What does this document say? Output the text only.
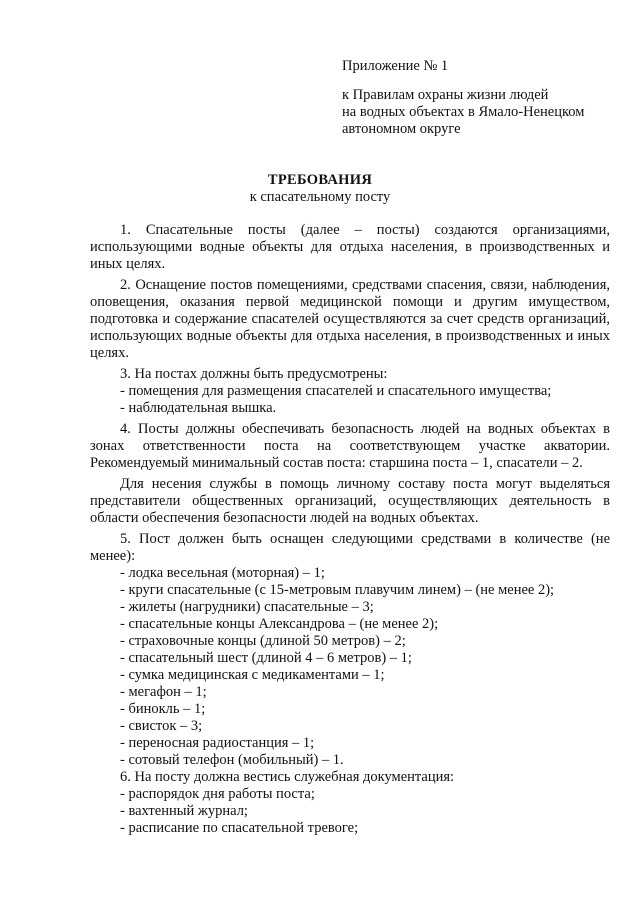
Приложение № 1
к Правилам охраны жизни людей
на водных объектах в Ямало-Ненецком
автономном округе
ТРЕБОВАНИЯ
к спасательному посту

1. Спасательные посты (далее – посты) создаются организациями, использующими водные объекты для отдыха населения, в производственных и иных целях.

2. Оснащение постов помещениями, средствами спасения, связи, наблюдения, оповещения, оказания первой медицинской помощи и другим имуществом, подготовка и содержание спасателей осуществляются за счет средств организаций, использующих водные объекты для отдыха населения, в производственных и иных целях.

3. На постах должны быть предусмотрены:

- помещения для размещения спасателей и спасательного имущества;

- наблюдательная вышка.

4. Посты должны обеспечивать безопасность людей на водных объектах в зонах ответственности поста на соответствующем участке акватории. Рекомендуемый минимальный состав поста: старшина поста – 1, спасатели – 2.

Для несения службы в помощь личному составу поста могут выделяться представители общественных организаций, осуществляющих деятельность в области обеспечения безопасности людей на водных объектах.

5. Пост должен быть оснащен следующими средствами в количестве (не менее):

- лодка весельная (моторная) – 1;

- круги спасательные (с 15-метровым плавучим линем) – (не менее 2);

- жилеты (нагрудники) спасательные – 3;

- спасательные концы Александрова – (не менее 2);

- страховочные концы (длиной 50 метров) – 2;

- спасательный шест (длиной 4 – 6 метров) – 1;

- сумка медицинская с медикаментами – 1;

- мегафон – 1;

- бинокль – 1;

- свисток – 3;

- переносная радиостанция – 1;

- сотовый телефон (мобильный) – 1.

6. На посту должна вестись служебная документация:

- распорядок дня работы поста;

- вахтенный журнал;

- расписание по спасательной тревоге;
